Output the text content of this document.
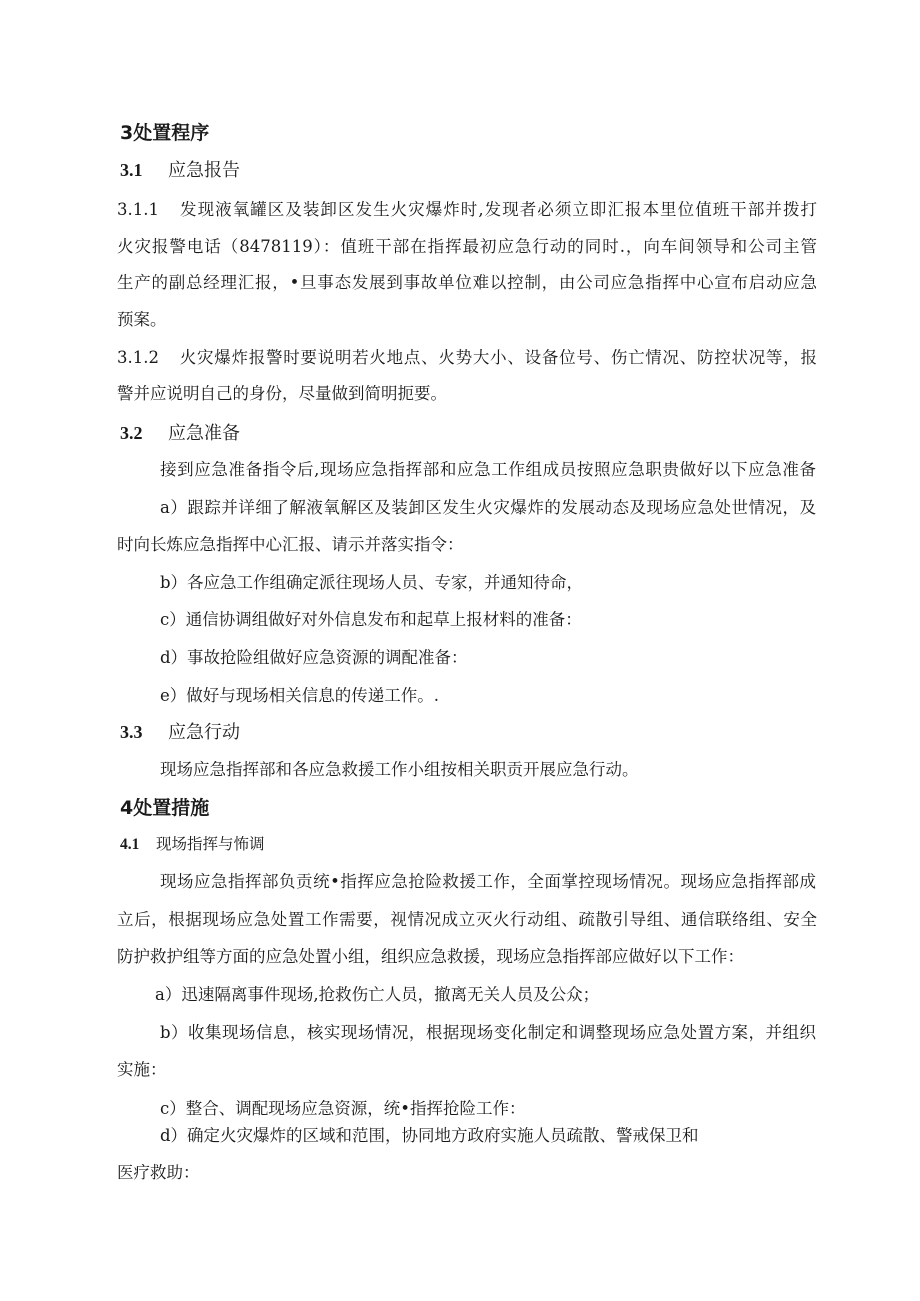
3处置程序
3.1 应急报告
3.1.1 发现液氧罐区及装卸区发生火灾爆炸时,发现者必须立即汇报本里位值班干部并拨打
火灾报警电话（8478119）：值班干部在指挥最初应急行动的同时.，向车间领导和公司主管
生产的副总经理汇报，•旦事态发展到事故单位难以控制，由公司应急指挥中心宣布启动应急
预案。
3.1.2 火灾爆炸报警时要说明若火地点、火势大小、设备位号、伤亡情况、防控状况等，报
警并应说明自己的身份，尽量做到简明扼要。
3.2 应急准备
接到应急准备指令后,现场应急指挥部和应急工作组成员按照应急职贵做好以下应急准备
a）跟踪并详细了解液氧解区及装卸区发生火灾爆炸的发展动态及现场应急处世情况，及
时向长炼应急指挥中心汇报、请示并落实指令：
b）各应急工作组确定派往现场人员、专家，并通知待命，
c）通信协调组做好对外信息发布和起草上报材料的准备：
d）事故抢险组做好应急资源的调配准备：
e）做好与现场相关信息的传递工作。.
3.3 应急行动
现场应急指挥部和各应急救援工作小组按相关职贡开展应急行动。
4处置措施
4.1 现场指挥与怖调
现场应急指挥部负贡统•指挥应急抢险救援工作，全面掌控现场情况。现场应急指挥部成
立后，根据现场应急处置工作需要，视情况成立灭火行动组、疏散引导组、通信联络组、安全
防护救护组等方面的应急处置小组，组织应急救援，现场应急指挥部应做好以下工作：
a）迅速隔离事件现场,抢救伤亡人员，撤离无关人员及公众；
b）收集现场信息，核实现场情况，根据现场变化制定和调整现场应急处置方案，并组织
实施：
c）整合、调配现场应急资源，统•指挥抢险工作：
d）确定火灾爆炸的区域和范围，协同地方政府实施人员疏散、警戒保卫和
医疗救助：
